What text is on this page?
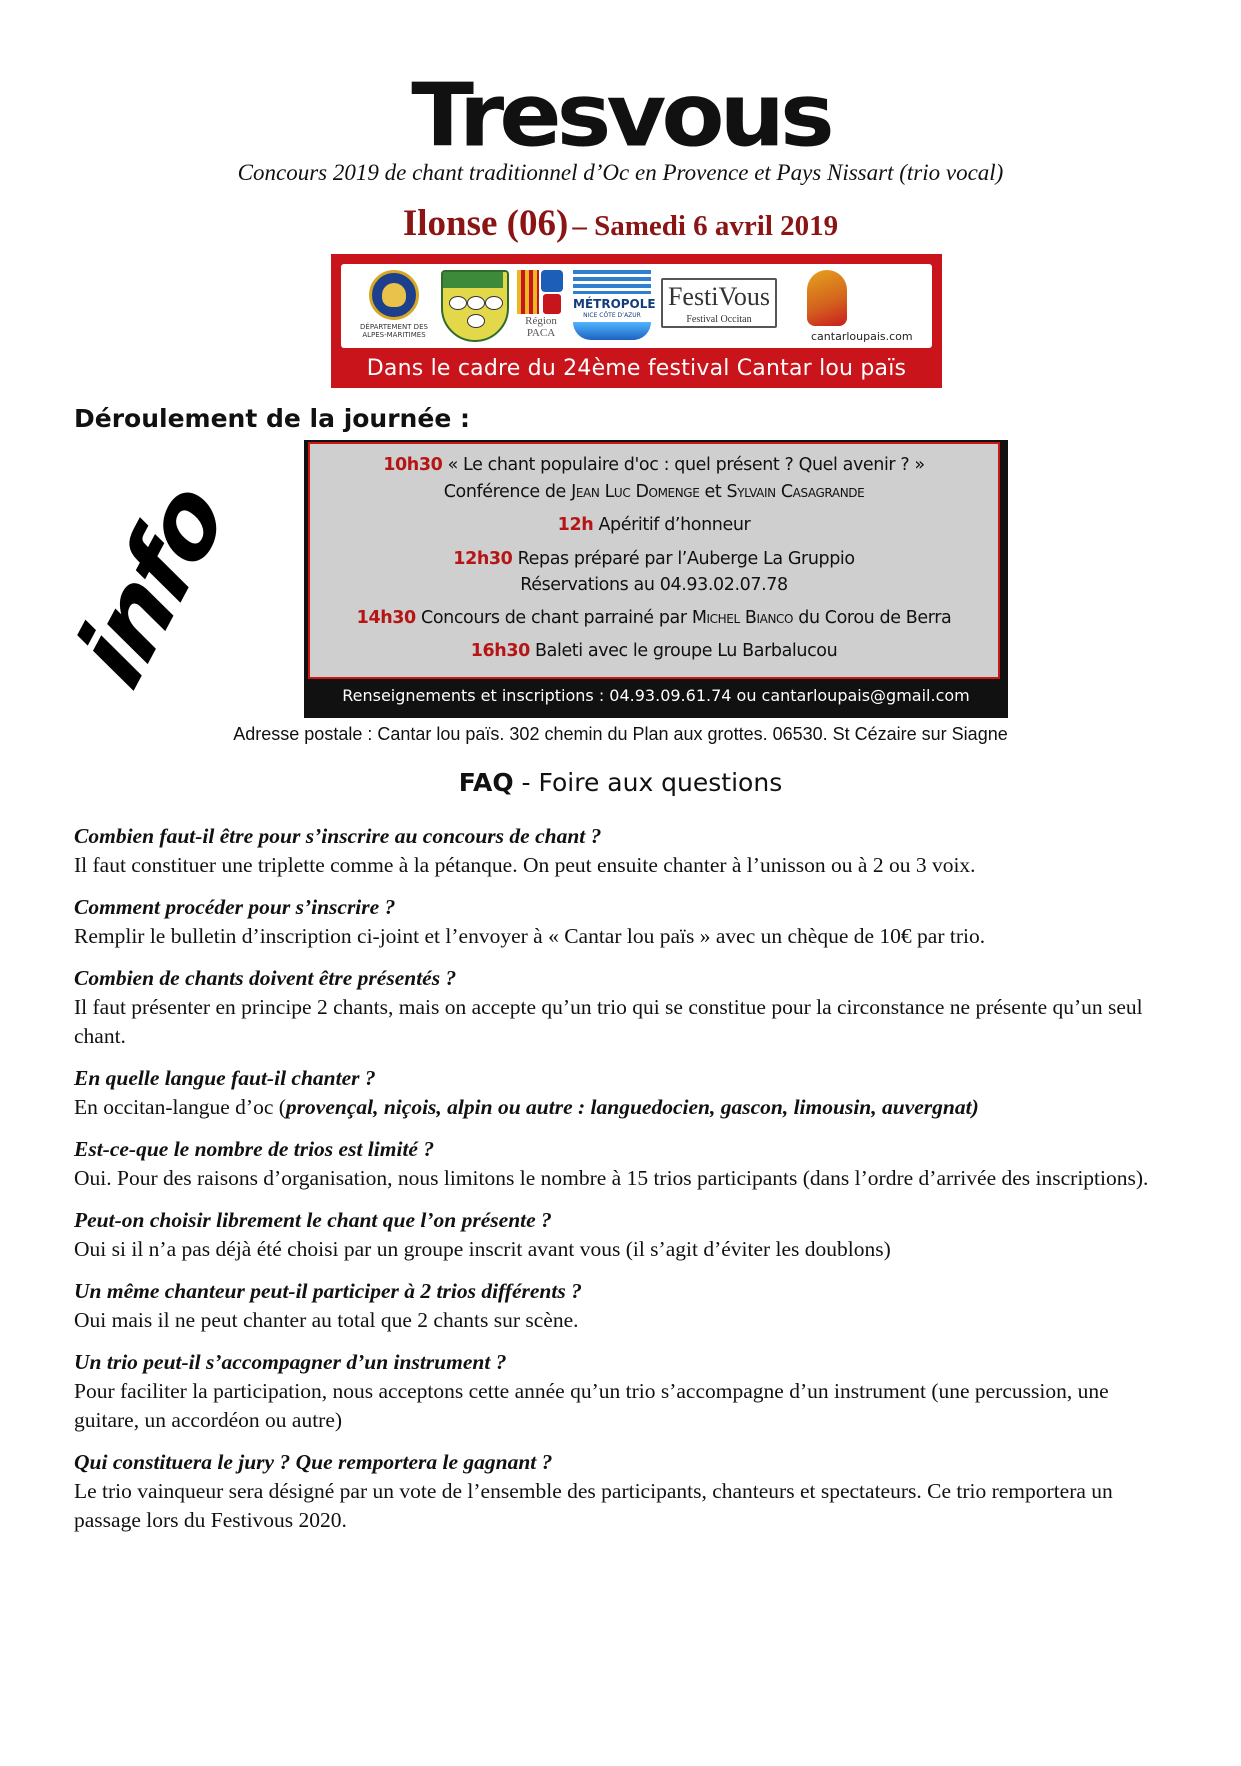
Tresvous
Concours 2019 de chant traditionnel d’Oc en Provence et Pays Nissart (trio vocal)
Ilonse (06) – Samedi 6 avril 2019
DÉPARTEMENT DES ALPES-MARITIMES
Région
PACA
MÉTROPOLE
NICE CÔTE D’AZUR
FestiVous
Festival Occitan
cantarloupais.com
Dans le cadre du 24ème festival Cantar lou païs
Déroulement de la journée :
info	10h30 « Le chant populaire d'oc : quel présent ? Quel avenir ? »
Conférence de Jean Luc Domenge et Sylvain Casagrande
12h Apéritif d’honneur
12h30 Repas préparé par l’Auberge La Gruppio
Réservations au 04.93.02.07.78
14h30 Concours de chant parrainé par Michel Bianco du Corou de Berra
16h30 Baleti avec le groupe Lu Barbalucou
Renseignements et inscriptions : 04.93.09.61.74 ou cantarloupais@gmail.com
Adresse postale : Cantar lou païs. 302 chemin du Plan aux grottes. 06530. St Cézaire sur Siagne
FAQ - Foire aux questions
Combien faut-il être pour s’inscrire au concours de chant ?
Il faut constituer une triplette comme à la pétanque. On peut ensuite chanter à l’unisson ou à 2 ou 3 voix.
Comment procéder pour s’inscrire ?
Remplir le bulletin d’inscription ci-joint et l’envoyer à « Cantar lou païs » avec un chèque de 10€ par trio.
Combien de chants doivent être présentés ?
Il faut présenter en principe 2 chants, mais on accepte qu’un trio qui se constitue pour la circonstance ne présente qu’un seul chant.
En quelle langue faut-il chanter ?
En occitan-langue d’oc (provençal, niçois, alpin ou autre : languedocien, gascon, limousin, auvergnat)
Est-ce-que le nombre de trios est limité ?
Oui. Pour des raisons d’organisation, nous limitons le nombre à 15 trios participants (dans l’ordre d’arrivée des inscriptions).
Peut-on choisir librement le chant que l’on présente ?
Oui si il n’a pas déjà été choisi par un groupe inscrit avant vous (il s’agit d’éviter les doublons)
Un même chanteur peut-il participer à 2 trios différents ?
Oui mais il ne peut chanter au total que 2 chants sur scène.
Un trio peut-il s’accompagner d’un instrument ?
Pour faciliter la participation, nous acceptons cette année qu’un trio s’accompagne d’un instrument (une percussion, une guitare, un accordéon ou autre)
Qui constituera le jury ? Que remportera le gagnant ?
Le trio vainqueur sera désigné par un vote de l’ensemble des participants, chanteurs et spectateurs. Ce trio remportera un passage lors du Festivous 2020.
